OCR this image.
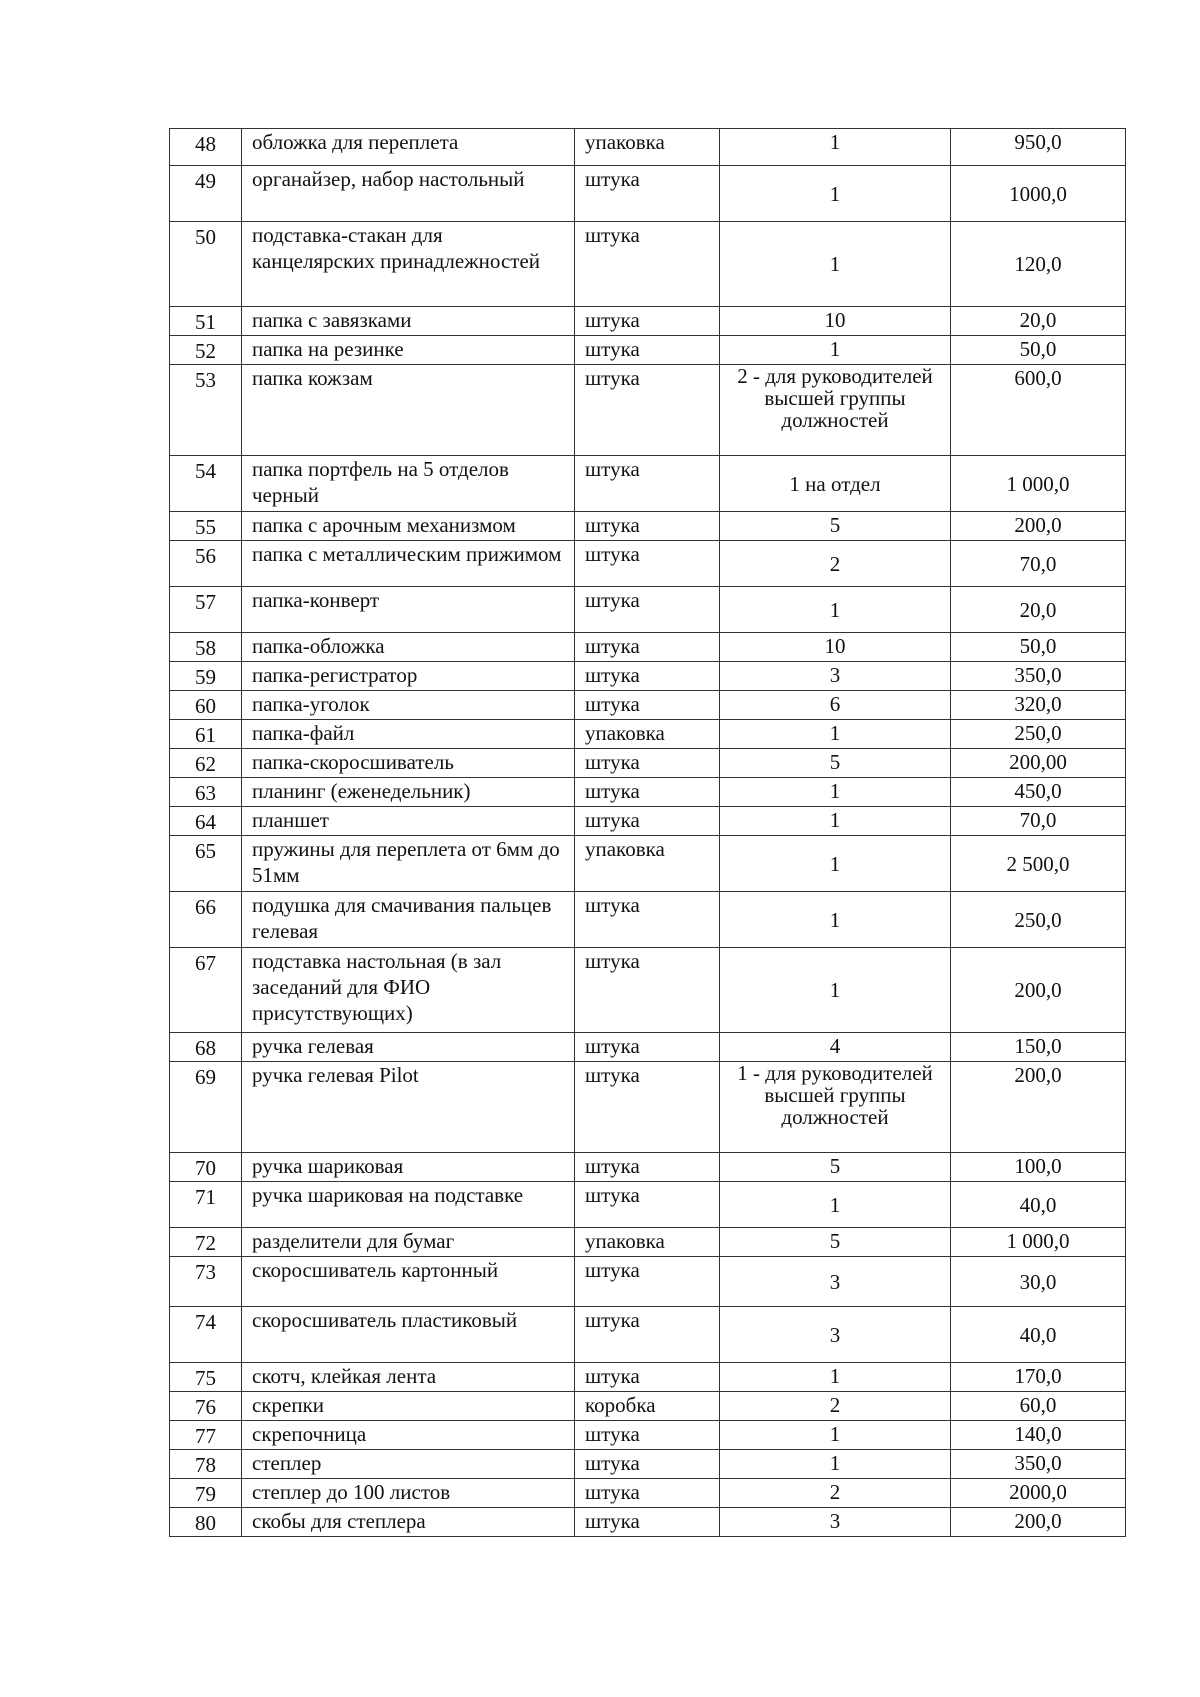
48	обложка для переплета	упаковка	1	950,0
49	органайзер, набор настольный	штука	1	1000,0
50	подставка-стакан для канцелярских принадлежностей	штука	1	120,0
51	папка с завязками	штука	10	20,0
52	папка на резинке	штука	1	50,0
53	папка кожзам	штука	2 - для руководителей высшей группы должностей	600,0
54	папка портфель на 5 отделов черный	штука	1 на отдел	1 000,0
55	папка с арочным механизмом	штука	5	200,0
56	папка с металлическим прижимом	штука	2	70,0
57	папка-конверт	штука	1	20,0
58	папка-обложка	штука	10	50,0
59	папка-регистратор	штука	3	350,0
60	папка-уголок	штука	6	320,0
61	папка-файл	упаковка	1	250,0
62	папка-скоросшиватель	штука	5	200,00
63	планинг (еженедельник)	штука	1	450,0
64	планшет	штука	1	70,0
65	пружины для переплета от 6мм до 51мм	упаковка	1	2 500,0
66	подушка для смачивания пальцев гелевая	штука	1	250,0
67	подставка настольная (в зал заседаний для ФИО присутствующих)	штука	1	200,0
68	ручка гелевая	штука	4	150,0
69	ручка гелевая Pilot	штука	1 - для руководителей высшей группы должностей	200,0
70	ручка шариковая	штука	5	100,0
71	ручка шариковая на подставке	штука	1	40,0
72	разделители для бумаг	упаковка	5	1 000,0
73	скоросшиватель картонный	штука	3	30,0
74	скоросшиватель пластиковый	штука	3	40,0
75	скотч, клейкая лента	штука	1	170,0
76	скрепки	коробка	2	60,0
77	скрепочница	штука	1	140,0
78	степлер	штука	1	350,0
79	степлер до 100 листов	штука	2	2000,0
80	скобы для степлера	штука	3	200,0
